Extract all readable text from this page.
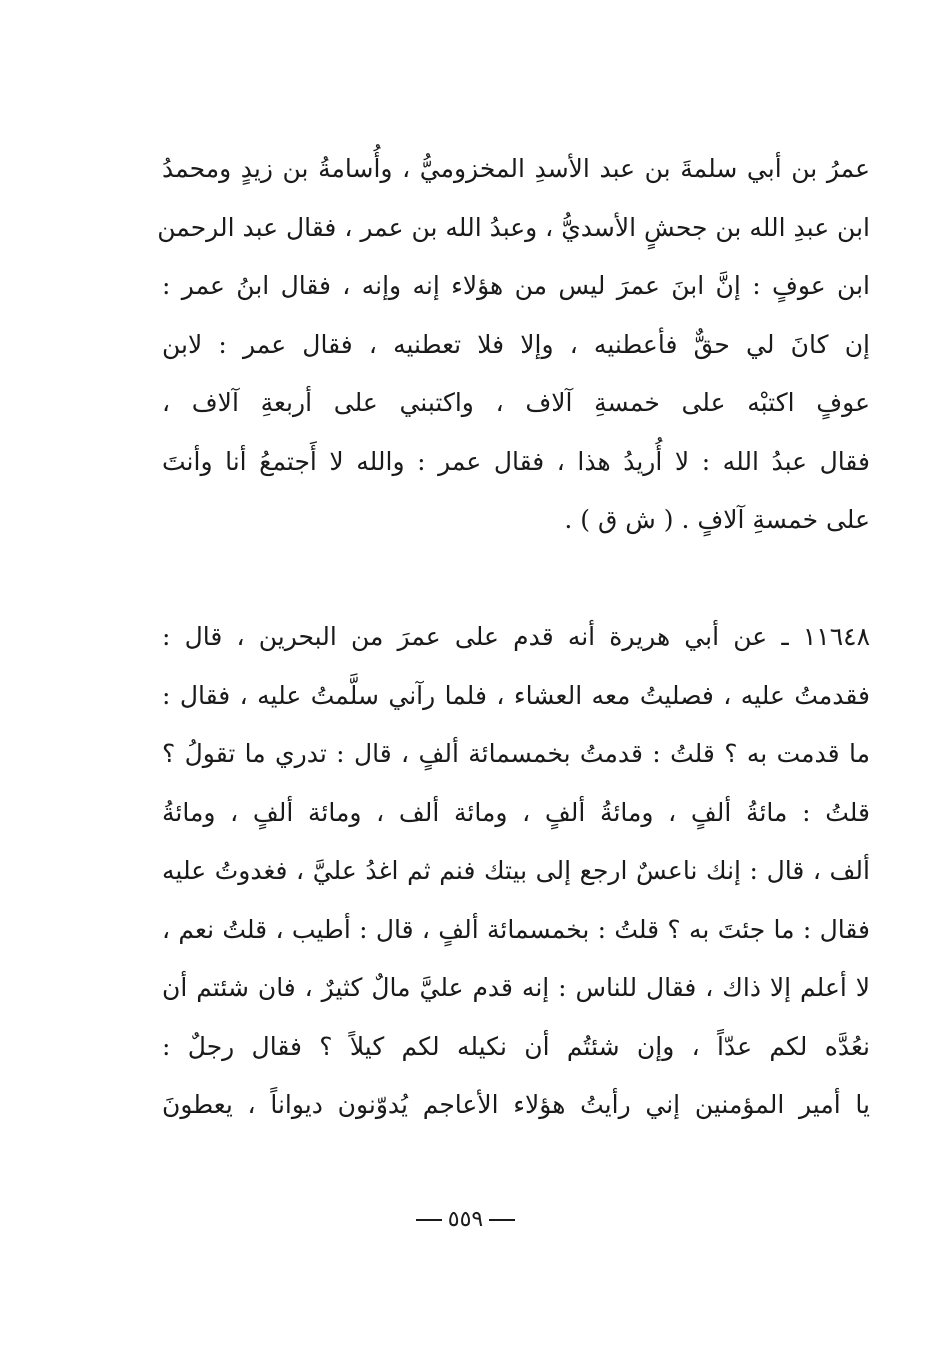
عمرُ بن أبي سلمةَ بن عبد الأسدِ المخزوميُّ ، وأُسامةُ بن زيدٍ ومحمدُ
ابن عبدِ الله بن جحشٍ الأسديُّ ، وعبدُ الله بن عمر ، فقال عبد الرحمن
ابن عوفٍ : إنَّ ابنَ عمرَ ليس من هؤلاء إنه وإنه ، فقال ابنُ عمر :
إن كانَ لي حقٌّ فأعطنيه ، وإلا فلا تعطنيه ، فقال عمر : لابن
عوفٍ اكتبْه على خمسةِ آلاف ، واكتبني على أربعةِ آلاف ،
فقال عبدُ الله : لا أُريدُ هذا ، فقال عمر : والله لا أَجتمعُ أنا وأنتَ
على خمسةِ آلافٍ . ( ش ق ) .
١١٦٤٨ ـ عن أبي هريرة أنه قدم على عمرَ من البحرين ، قال :
فقدمتُ عليه ، فصليتُ معه العشاء ، فلما رآني سلَّمتُ عليه ، فقال :
ما قدمت به ؟ قلتُ : قدمتُ بخمسمائة ألفٍ ، قال : تدري ما تقولُ ؟
قلتُ : مائةُ ألفٍ ، ومائةُ ألفٍ ، ومائة ألف ، ومائة ألفٍ ، ومائةُ
ألف ، قال : إنك ناعسٌ ارجع إلى بيتك فنم ثم اغدُ عليَّ ، فغدوتُ عليه
فقال : ما جئتَ به ؟ قلتُ : بخمسمائة ألفٍ ، قال : أطيب ، قلتُ نعم ،
لا أعلم إلا ذاك ، فقال للناس : إنه قدم عليَّ مالٌ كثيرٌ ، فان شئتم أن
نعُدَّه لكم عدّاً ، وإن شئتُم أن نكيله لكم كيلاً ؟ فقال رجلٌ :
يا أمير المؤمنين إني رأيتُ هؤلاء الأعاجم يُدوّنون ديواناً ، يعطونَ
٥٥٩
